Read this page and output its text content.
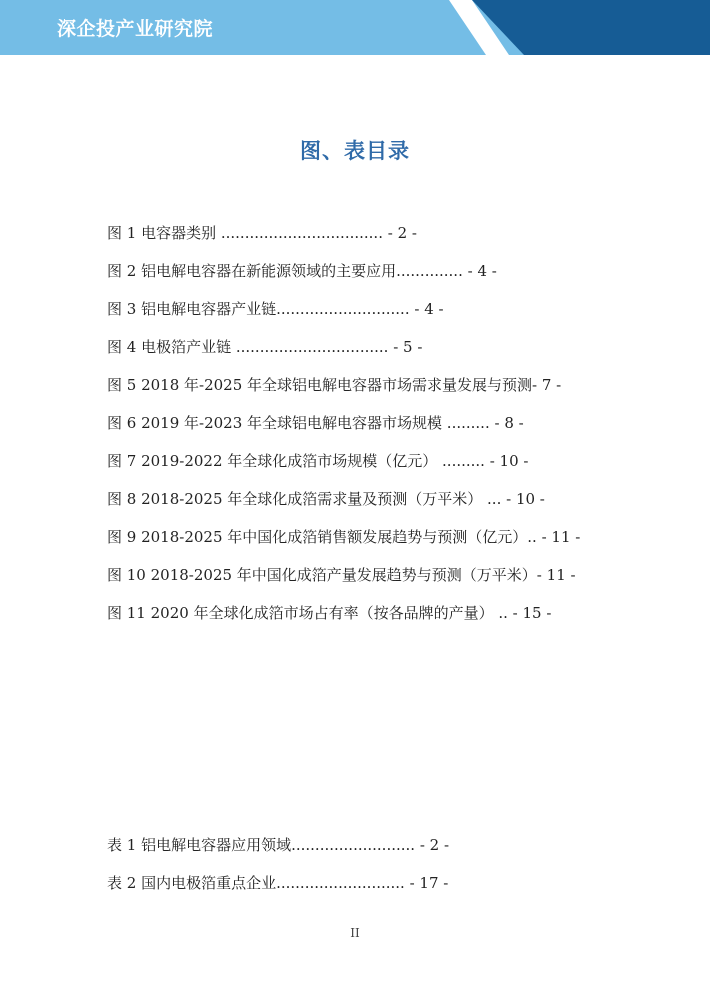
深企投产业研究院
图、表目录

图 1 电容器类别 .................................. - 2 -

图 2 铝电解电容器在新能源领域的主要应用.............. - 4 -

图 3 铝电解电容器产业链............................ - 4 -

图 4 电极箔产业链 ................................ - 5 -

图 5 2018 年-2025 年全球铝电解电容器市场需求量发展与预测- 7 -

图 6 2019 年-2023 年全球铝电解电容器市场规模 ......... - 8 -

图 7 2019-2022 年全球化成箔市场规模（亿元） ......... - 10 -

图 8 2018-2025 年全球化成箔需求量及预测（万平米） ... - 10 -

图 9 2018-2025 年中国化成箔销售额发展趋势与预测（亿元）.. - 11 -

图 10 2018-2025 年中国化成箔产量发展趋势与预测（万平米）- 11 -

图 11 2020 年全球化成箔市场占有率（按各品牌的产量） .. - 15 -

表 1 铝电解电容器应用领域.......................... - 2 -

表 2 国内电极箔重点企业........................... - 17 -

II
